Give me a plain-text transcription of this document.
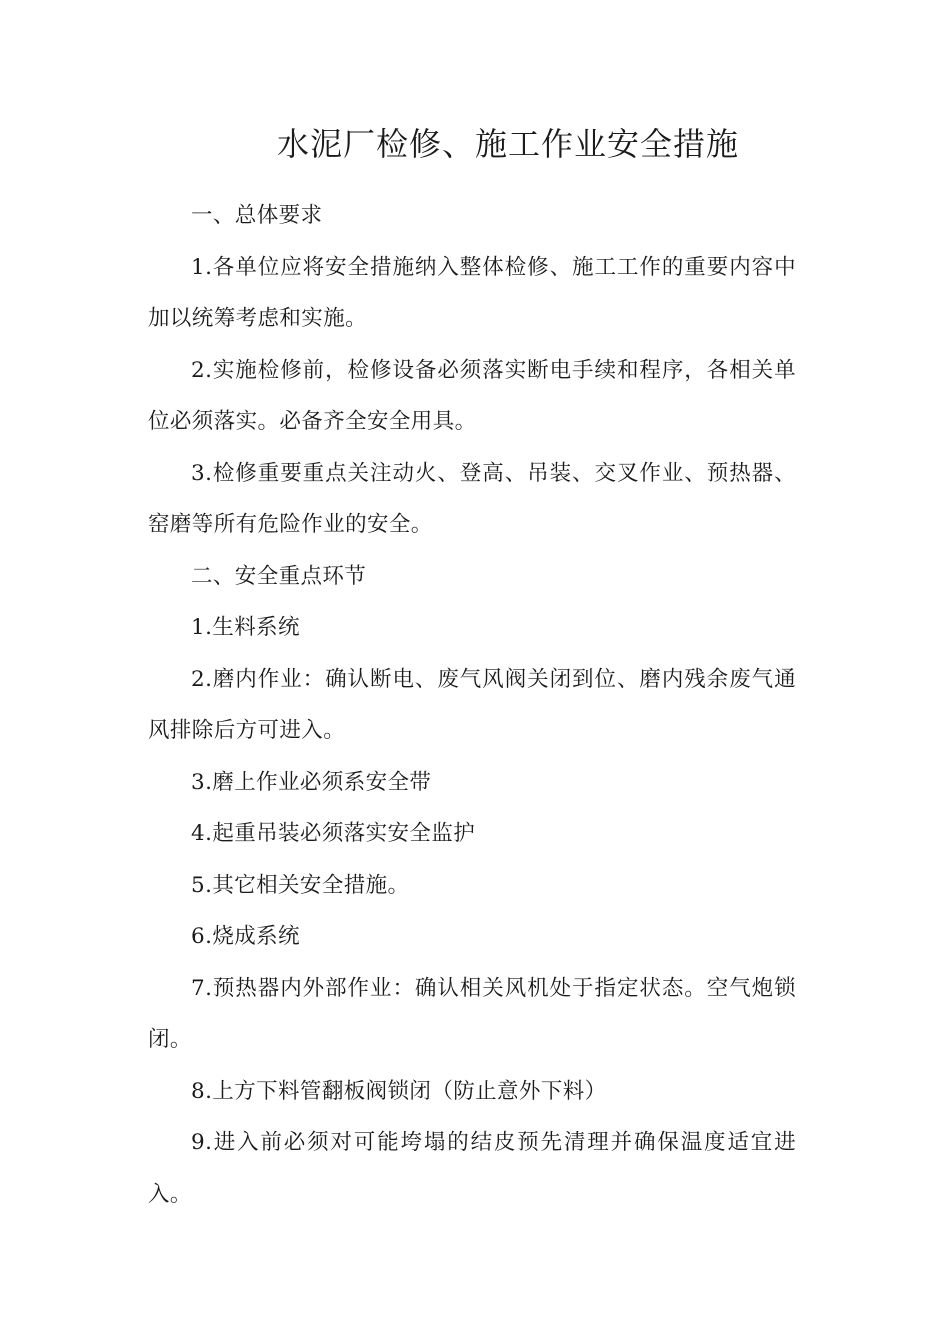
水泥厂检修、施工作业安全措施

一、总体要求

1.各单位应将安全措施纳入整体检修、施工工作的重要内容中加以统筹考虑和实施。

2.实施检修前，检修设备必须落实断电手续和程序，各相关单位必须落实。必备齐全安全用具。

3.检修重要重点关注动火、登高、吊装、交叉作业、预热器、窑磨等所有危险作业的安全。

二、安全重点环节

1.生料系统

2.磨内作业：确认断电、废气风阀关闭到位、磨内残余废气通风排除后方可进入。

3.磨上作业必须系安全带

4.起重吊装必须落实安全监护

5.其它相关安全措施。

6.烧成系统

7.预热器内外部作业：确认相关风机处于指定状态。空气炮锁闭。

8.上方下料管翻板阀锁闭（防止意外下料）

9.进入前必须对可能垮塌的结皮预先清理并确保温度适宜进入。
